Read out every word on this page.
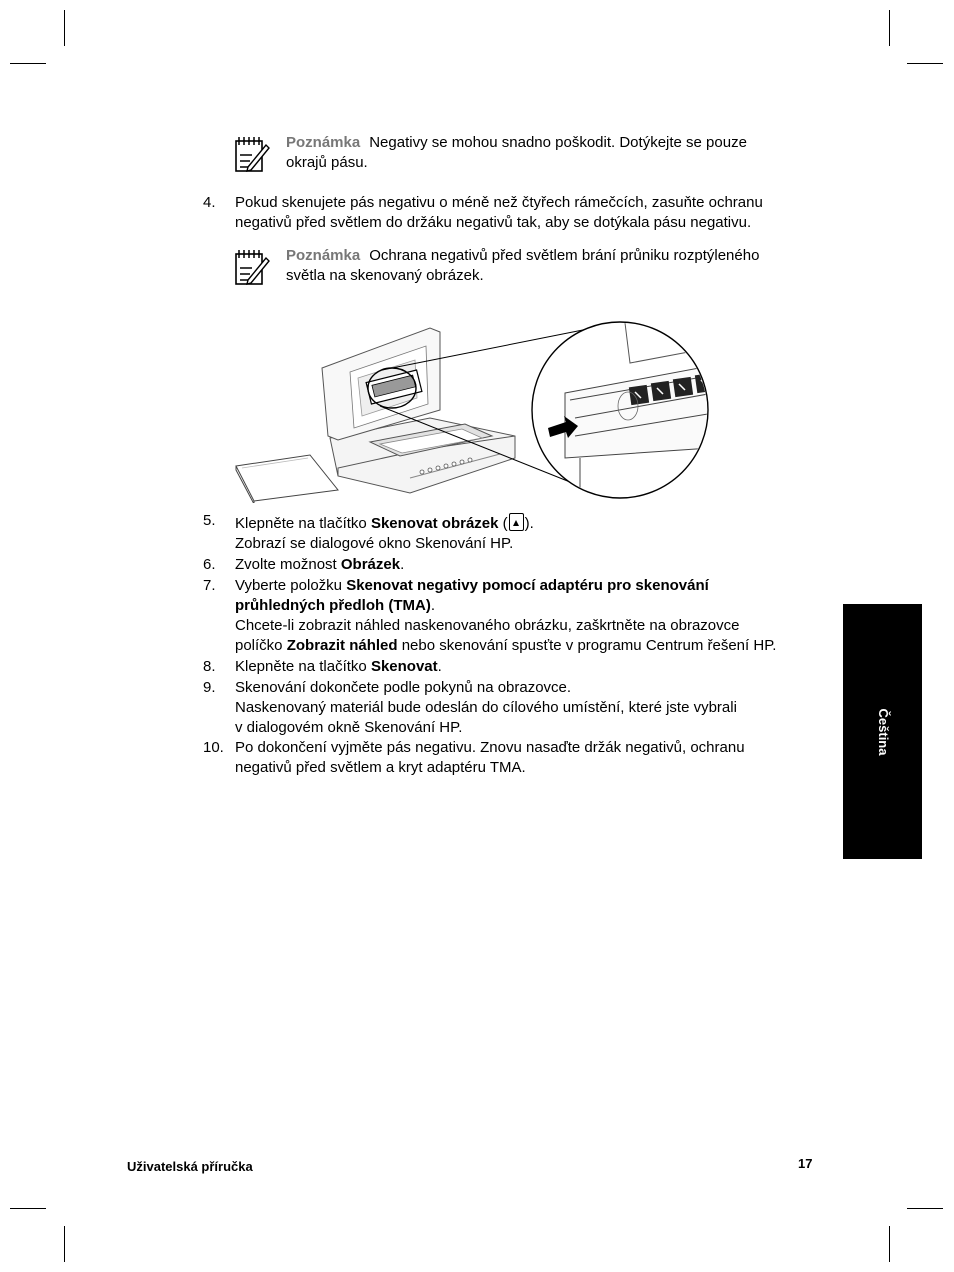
Poznámka Negativy se mohou snadno poškodit. Dotýkejte se pouze
okrajů pásu.
4.	Pokud skenujete pás negativu o méně než čtyřech rámečcích, zasuňte ochranu
negativů před světlem do držáku negativů tak, aby se dotýkala pásu negativu.
Poznámka Ochrana negativů před světlem brání průniku rozptýleného
světla na skenovaný obrázek.
5.	Klepněte na tlačítko Skenovat obrázek ( ).
Zobrazí se dialogové okno Skenování HP.
6.	Zvolte možnost Obrázek.
7.	Vyberte položku Skenovat negativy pomocí adaptéru pro skenování
průhledných předloh (TMA).
Chcete-li zobrazit náhled naskenovaného obrázku, zaškrtněte na obrazovce
políčko Zobrazit náhled nebo skenování spusťte v programu Centrum řešení HP.
8.	Klepněte na tlačítko Skenovat.
9.	Skenování dokončete podle pokynů na obrazovce.
Naskenovaný materiál bude odeslán do cílového umístění, které jste vybrali
v dialogovém okně Skenování HP.
10. Po dokončení vyjměte pás negativu. Znovu nasaďte držák negativů, ochranu
negativů před světlem a kryt adaptéru TMA.
Čeština
Uživatelská příručka	17
